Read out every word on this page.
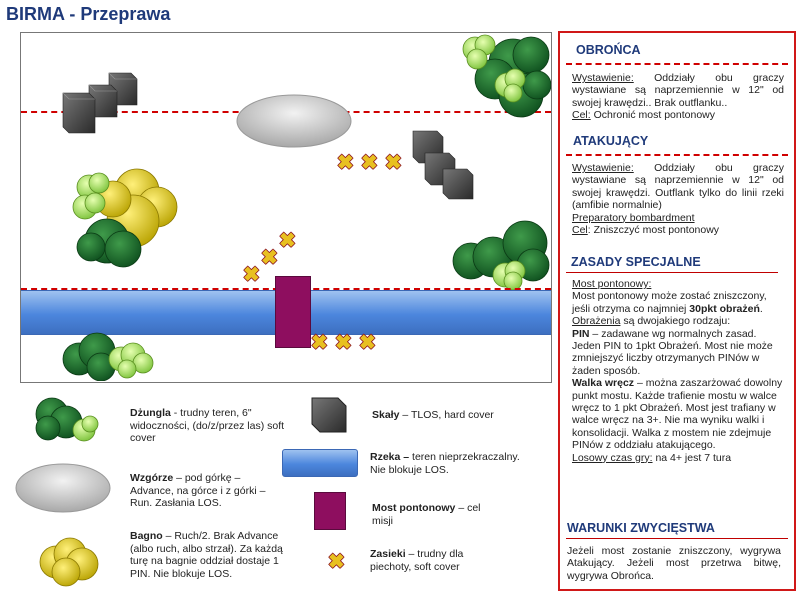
BIRMA - Przeprawa
✖ ✖ ✖
✖
✖
✖
✖ ✖ ✖
OBROŃCA
Wystawienie: Oddziały obu graczy wystawiane są naprzemiennie w 12" od swojej krawędzi.. Brak outflanku..
Cel: Ochronić most pontonowy
ATAKUJĄCY
Wystawienie: Oddziały obu graczy wystawiane są naprzemiennie w 12" od swojej krawędzi. Outflank tylko do linii rzeki (amfibie normalnie)
Preparatory bombardment
Cel: Zniszczyć most pontonowy
ZASADY SPECJALNE
Most pontonowy:
Most pontonowy może zostać zniszczony, jeśli otrzyma co najmniej 30pkt obrażeń. Obrażenia są dwojakiego rodzaju:
PIN – zadawane wg normalnych zasad. Jeden PIN to 1pkt Obrażeń. Most nie może zmniejszyć liczby otrzymanych PINów w żaden sposób.
Walka wręcz – można zaszarżować dowolny punkt mostu. Każde trafienie mostu w walce wręcz to 1 pkt Obrażeń. Most jest trafiany w walce wręcz na 3+. Nie ma wyniku walki i konsolidacji. Walka z mostem nie zdejmuje PINów z oddziału atakującego.
Losowy czas gry: na 4+ jest 7 tura
WARUNKI ZWYCIĘSTWA
Jeżeli most zostanie zniszczony, wygrywa Atakujący. Jeżeli most przetrwa bitwę, wygrywa Obrońca.
Dżungla - trudny teren, 6" widoczności, (do/z/przez las) soft cover
Wzgórze – pod górkę – Advance, na górce i z górki – Run. Zasłania LOS.
Bagno – Ruch/2. Brak Advance (albo ruch, albo strzał). Za każdą turę na bagnie oddział dostaje 1 PIN. Nie blokuje LOS.
Skały – TLOS, hard cover
Rzeka – teren nieprzekraczalny. Nie blokuje LOS.
Most pontonowy – cel misji
✖ Zasieki – trudny dla piechoty, soft cover
